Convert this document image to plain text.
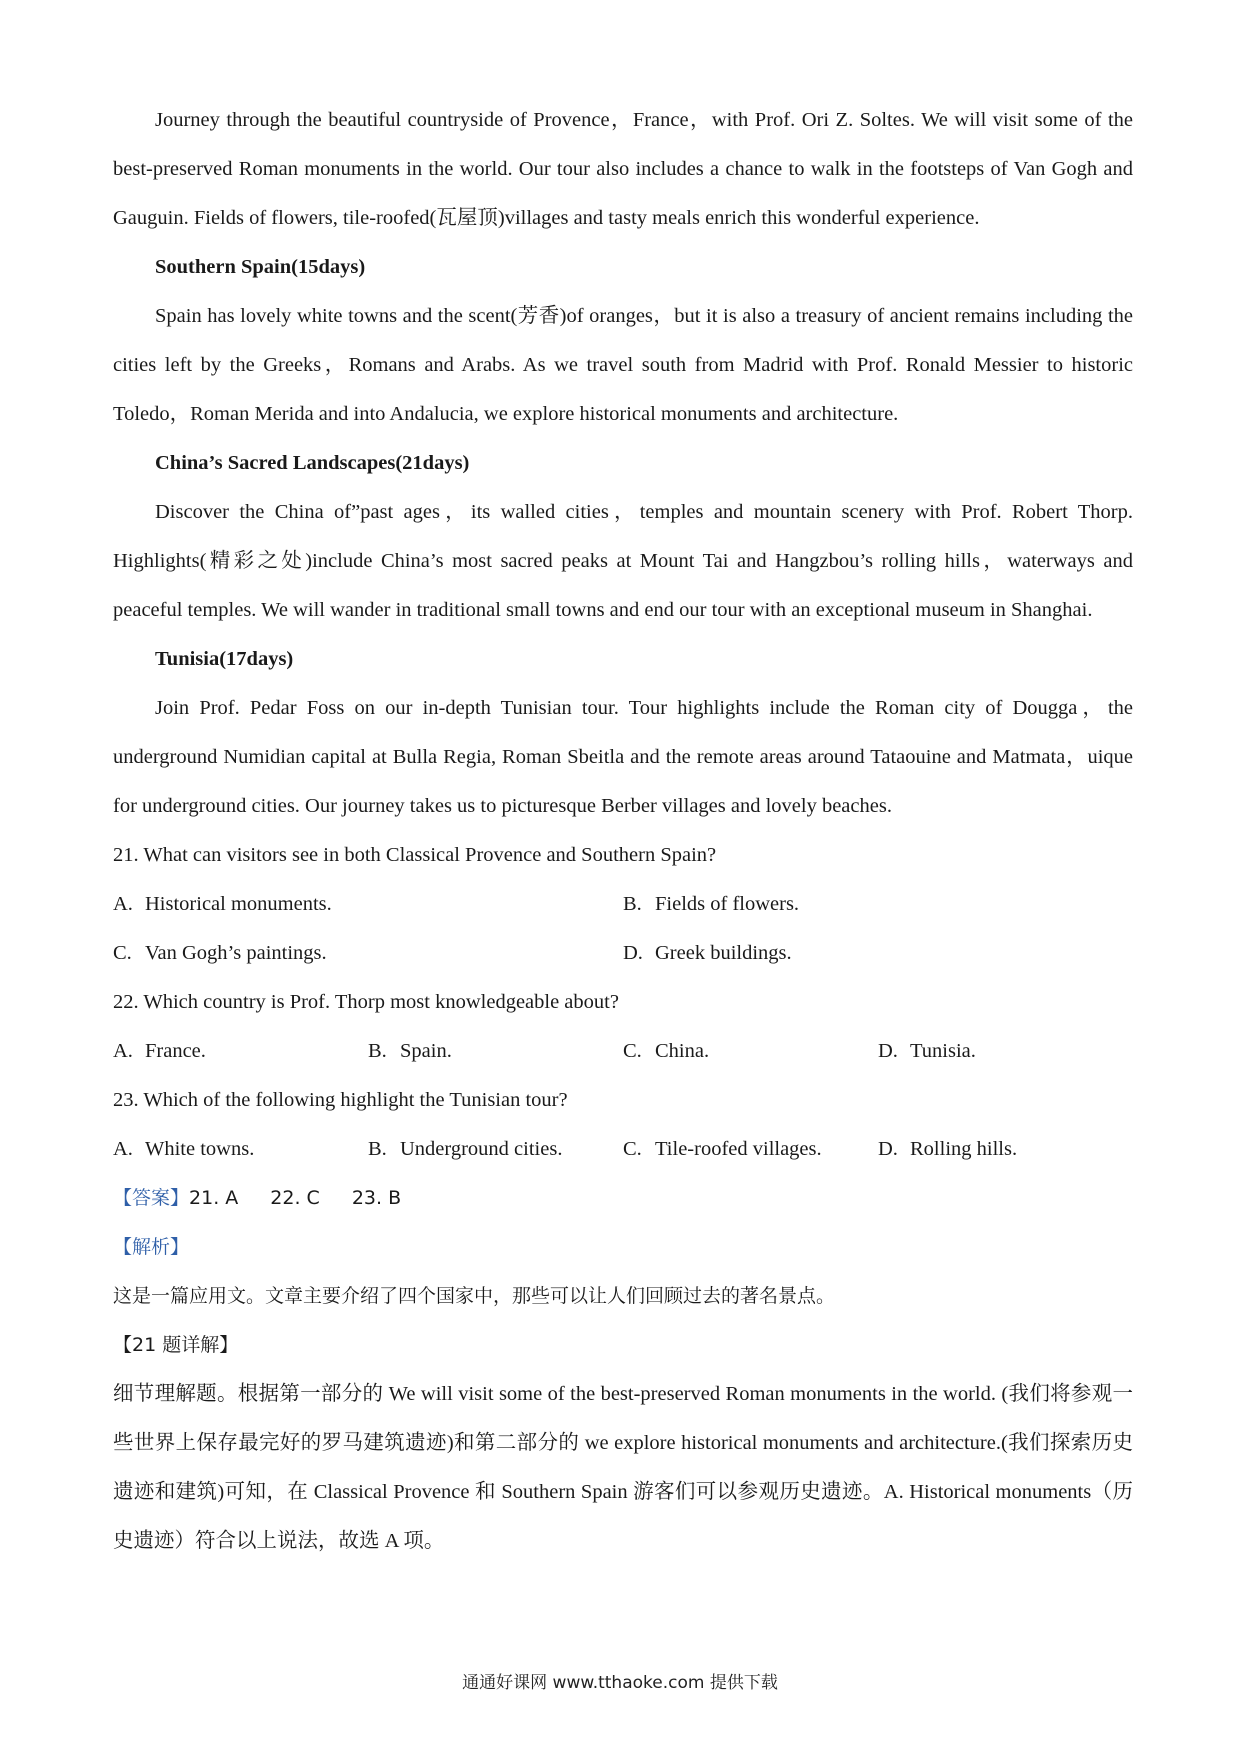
Journey through the beautiful countryside of Provence，France，with Prof. Ori Z. Soltes. We will visit some of the best-preserved Roman monuments in the world. Our tour also includes a chance to walk in the footsteps of Van Gogh and Gauguin. Fields of flowers, tile-roofed(瓦屋顶)villages and tasty meals enrich this wonderful experience.

Southern Spain(15days)

Spain has lovely white towns and the scent(芳香)of oranges，but it is also a treasury of ancient remains including the cities left by the Greeks，Romans and Arabs. As we travel south from Madrid with Prof. Ronald Messier to historic Toledo，Roman Merida and into Andalucia, we explore historical monuments and architecture.

China’s Sacred Landscapes(21days)

Discover the China of”past ages，its walled cities，temples and mountain scenery with Prof. Robert Thorp. Highlights(精彩之处)include China’s most sacred peaks at Mount Tai and Hangzbou’s rolling hills，waterways and peaceful temples. We will wander in traditional small towns and end our tour with an exceptional museum in Shanghai.

Tunisia(17days)

Join Prof. Pedar Foss on our in-depth Tunisian tour. Tour highlights include the Roman city of Dougga，the underground Numidian capital at Bulla Regia, Roman Sbeitla and the remote areas around Tataouine and Matmata，uique for underground cities. Our journey takes us to picturesque Berber villages and lovely beaches.

21. What can visitors see in both Classical Provence and Southern Spain?

A. Historical monuments.	B. Fields of flowers.
C. Van Gogh’s paintings.	D. Greek buildings.

22. Which country is Prof. Thorp most knowledgeable about?

A. France.	B. Spain.	C. China.	D. Tunisia.

23. Which of the following highlight the Tunisian tour?

A. White towns.	B. Underground cities.	C. Tile-roofed villages.	D. Rolling hills.

【答案】21. A 22. C 23. B

【解析】

这是一篇应用文。文章主要介绍了四个国家中，那些可以让人们回顾过去的著名景点。

【21 题详解】

细节理解题。根据第一部分的 We will visit some of the best-preserved Roman monuments in the world. (我们将参观一些世界上保存最完好的罗马建筑遗迹)和第二部分的 we explore historical monuments and architecture.(我们探索历史遗迹和建筑)可知，在 Classical Provence 和 Southern Spain 游客们可以参观历史遗迹。A. Historical monuments（历史遗迹）符合以上说法，故选 A 项。

通通好课网 www.tthaoke.com 提供下载
